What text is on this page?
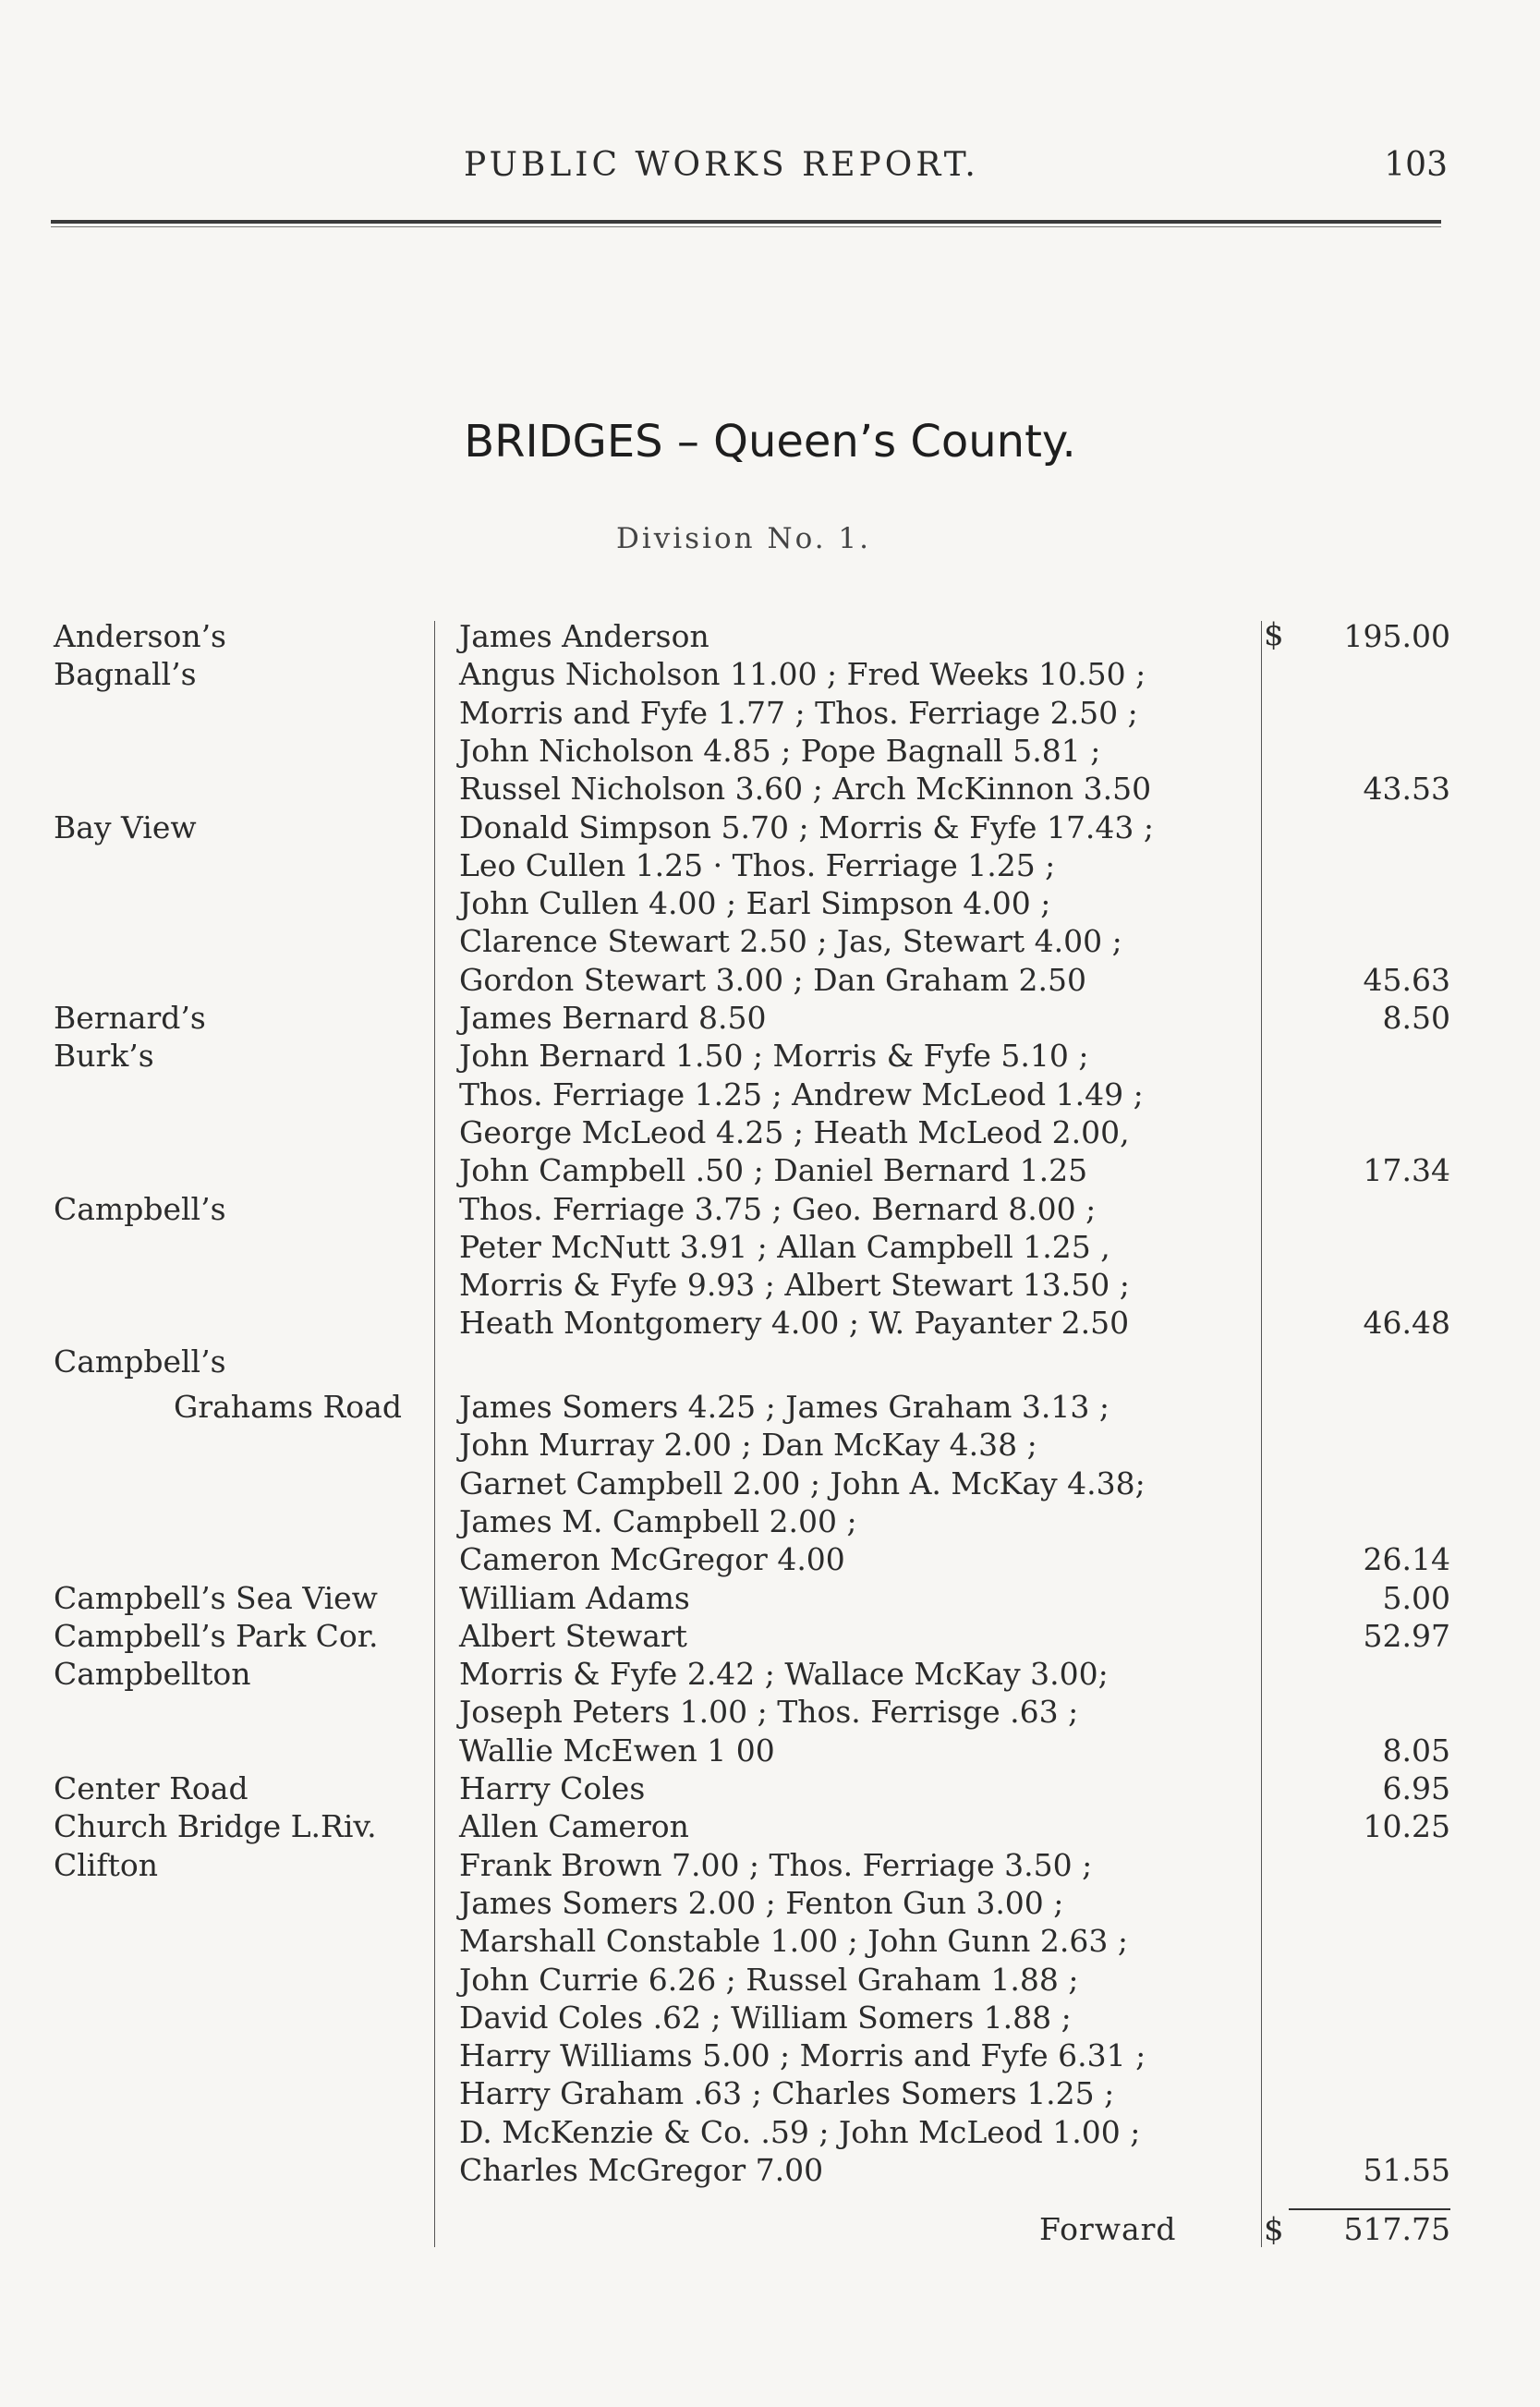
PUBLIC WORKS REPORT.	103
BRIDGES – Queen’s County.
Division No. 1.
$
Anderson’s	James Anderson	195.00
Bagnall’s	Angus Nicholson 11.00 ; Fred Weeks 10.50 ;
Morris and Fyfe 1.77 ; Thos. Ferriage 2.50 ;
John Nicholson 4.85 ; Pope Bagnall 5.81 ;
Russel Nicholson 3.60 ; Arch McKinnon 3.50	43.53
Bay View	Donald Simpson 5.70 ; Morris & Fyfe 17.43 ;
Leo Cullen 1.25 · Thos. Ferriage 1.25 ;
John Cullen 4.00 ; Earl Simpson 4.00 ;
Clarence Stewart 2.50 ; Jas, Stewart 4.00 ;
Gordon Stewart 3.00 ; Dan Graham 2.50	45.63
Bernard’s	James Bernard 8.50	8.50
Burk’s	John Bernard 1.50 ; Morris & Fyfe 5.10 ;
Thos. Ferriage 1.25 ; Andrew McLeod 1.49 ;
George McLeod 4.25 ; Heath McLeod 2.00,
John Campbell .50 ; Daniel Bernard 1.25	17.34
Campbell’s	Thos. Ferriage 3.75 ; Geo. Bernard 8.00 ;
Peter McNutt 3.91 ; Allan Campbell 1.25 ,
Morris & Fyfe 9.93 ; Albert Stewart 13.50 ;
Heath Montgomery 4.00 ; W. Payanter 2.50	46.48
Campbell’s
Grahams Road	James Somers 4.25 ; James Graham 3.13 ;
John Murray 2.00 ; Dan McKay 4.38 ;
Garnet Campbell 2.00 ; John A. McKay 4.38;
James M. Campbell 2.00 ;
Cameron McGregor 4.00	26.14
Campbell’s Sea View	William Adams	5.00
Campbell’s Park Cor.	Albert Stewart	52.97
Campbellton	Morris & Fyfe 2.42 ; Wallace McKay 3.00;
Joseph Peters 1.00 ; Thos. Ferrisge .63 ;
Wallie McEwen 1 00	8.05
Center Road	Harry Coles	6.95
Church Bridge L.Riv.	Allen Cameron	10.25
Clifton	Frank Brown 7.00 ; Thos. Ferriage 3.50 ;
James Somers 2.00 ; Fenton Gun 3.00 ;
Marshall Constable 1.00 ; John Gunn 2.63 ;
John Currie 6.26 ; Russel Graham 1.88 ;
David Coles .62 ; William Somers 1.88 ;
Harry Williams 5.00 ; Morris and Fyfe 6.31 ;
Harry Graham .63 ; Charles Somers 1.25 ;
D. McKenzie & Co. .59 ; John McLeod 1.00 ;
Charles McGregor 7.00	51.55
Forward	$	517.75
